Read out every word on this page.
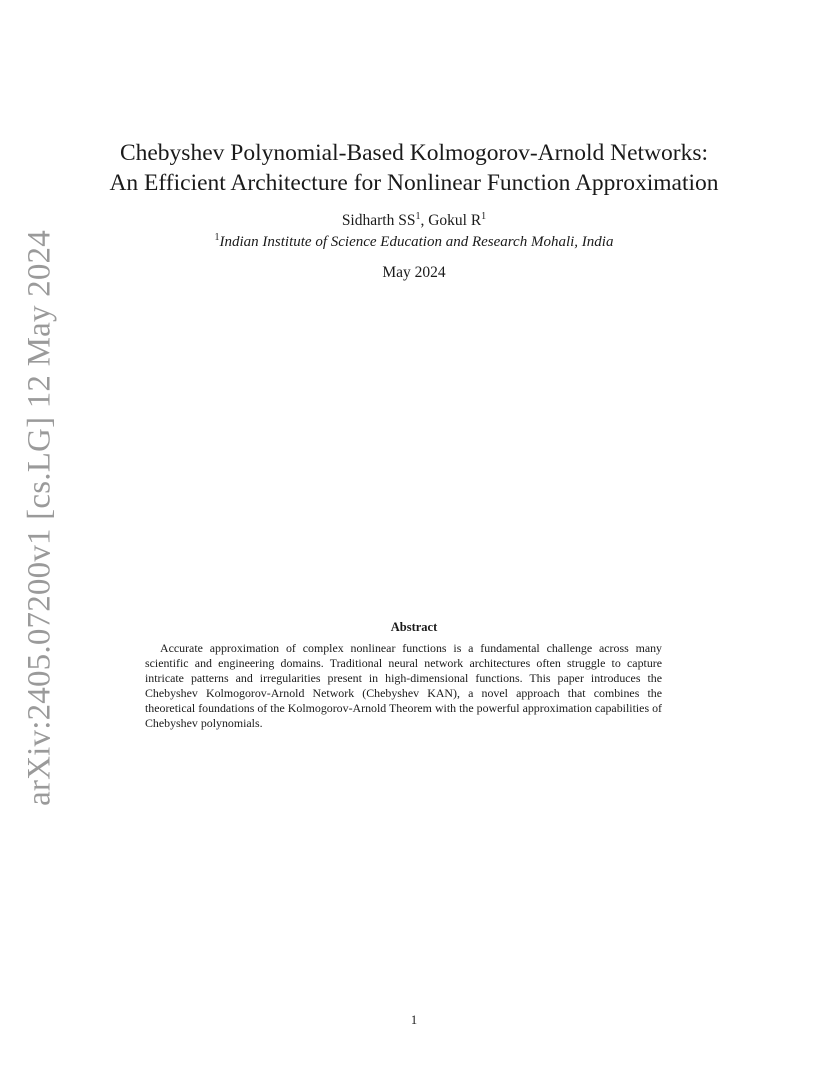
arXiv:2405.07200v1 [cs.LG] 12 May 2024
Chebyshev Polynomial-Based Kolmogorov-Arnold Networks:
An Efficient Architecture for Nonlinear Function Approximation
Sidharth $SS^1$, Gokul $R^1$
$^1$Indian Institute of Science Education and Research Mohali, India
May 2024
Abstract

Accurate approximation of complex nonlinear functions is a fundamental challenge across many scientific and engineering domains. Traditional neural network architectures often struggle to capture intricate patterns and irregularities present in high-dimensional functions. This paper introduces the Chebyshev Kolmogorov-Arnold Network (Chebyshev KAN), a novel approach that combines the theoretical foundations of the Kolmogorov-Arnold Theorem with the powerful approximation capabilities of Chebyshev polynomials.

1
